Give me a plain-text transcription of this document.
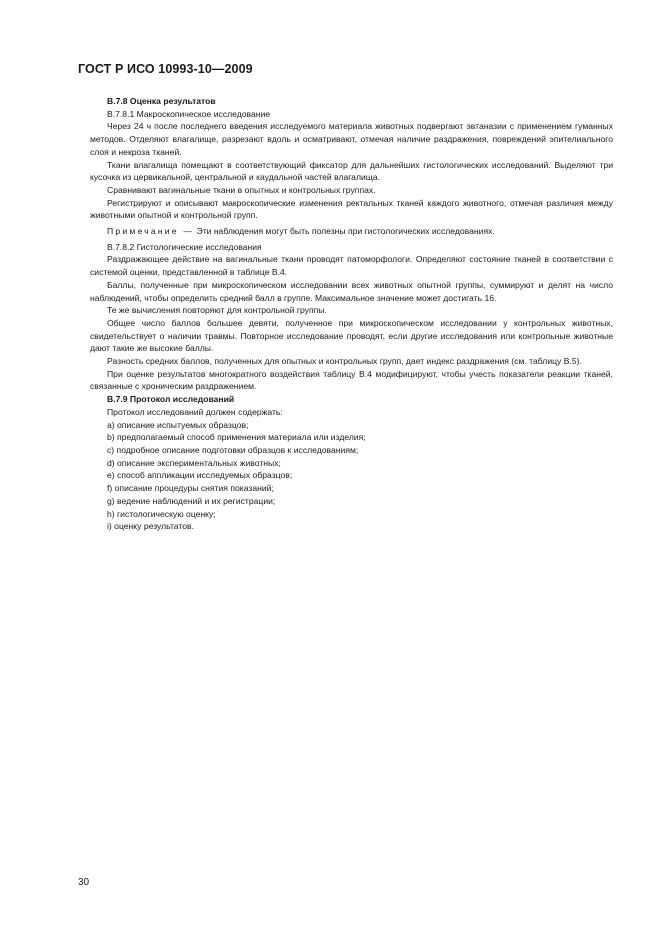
ГОСТ Р ИСО 10993-10—2009

В.7.8 Оценка результатов

В.7.8.1 Макроскопическое исследование

Через 24 ч после последнего введения исследуемого материала животных подвергают эвтаназии с применением гуманных методов. Отделяют влагалище, разрезают вдоль и осматривают, отмечая наличие раздражения, повреждений эпителиального слоя и некроза тканей.

Ткани влагалища помещают в соответствующий фиксатор для дальнейших гистологических исследований. Выделяют три кусочка из цервикальной, центральной и каудальной частей влагалища.

Сравнивают вагинальные ткани в опытных и контрольных группах.

Регистрируют и описывают макроскопические изменения ректальных тканей каждого животного, отмечая различия между животными опытной и контрольной групп.

Примечание — Эти наблюдения могут быть полезны при гистологических исследованиях.

В.7.8.2 Гистологические исследования

Раздражающее действие на вагинальные ткани проводят патоморфологи. Определяют состояние тканей в соответствии с системой оценки, представленной в таблице В.4.

Баллы, полученные при микроскопическом исследовании всех животных опытной группы, суммируют и делят на число наблюдений, чтобы определить средний балл в группе. Максимальное значение может достигать 16.

Те же вычисления повторяют для контрольной группы.

Общее число баллов большее девяти, полученное при микроскопическом исследовании у контрольных животных, свидетельствует о наличии травмы. Повторное исследование проводят, если другие исследования или контрольные животные дают такие же высокие баллы.

Разность средних баллов, полученных для опытных и контрольных групп, дает индекс раздражения (см. таблицу В.5).

При оценке результатов многократного воздействия таблицу В.4 модифицируют, чтобы учесть показатели реакции тканей, связанные с хроническим раздражением.

В.7.9 Протокол исследований

Протокол исследований должен содержать:

a) описание испытуемых образцов;

b) предполагаемый способ применения материала или изделия;

c) подробное описание подготовки образцов к исследованиям;

d) описание экспериментальных животных;

e) способ аппликации исследуемых образцов;

f) описание процедуры снятия показаний;

g) ведение наблюдений и их регистрации;

h) гистологическую оценку;

i) оценку результатов.

30
